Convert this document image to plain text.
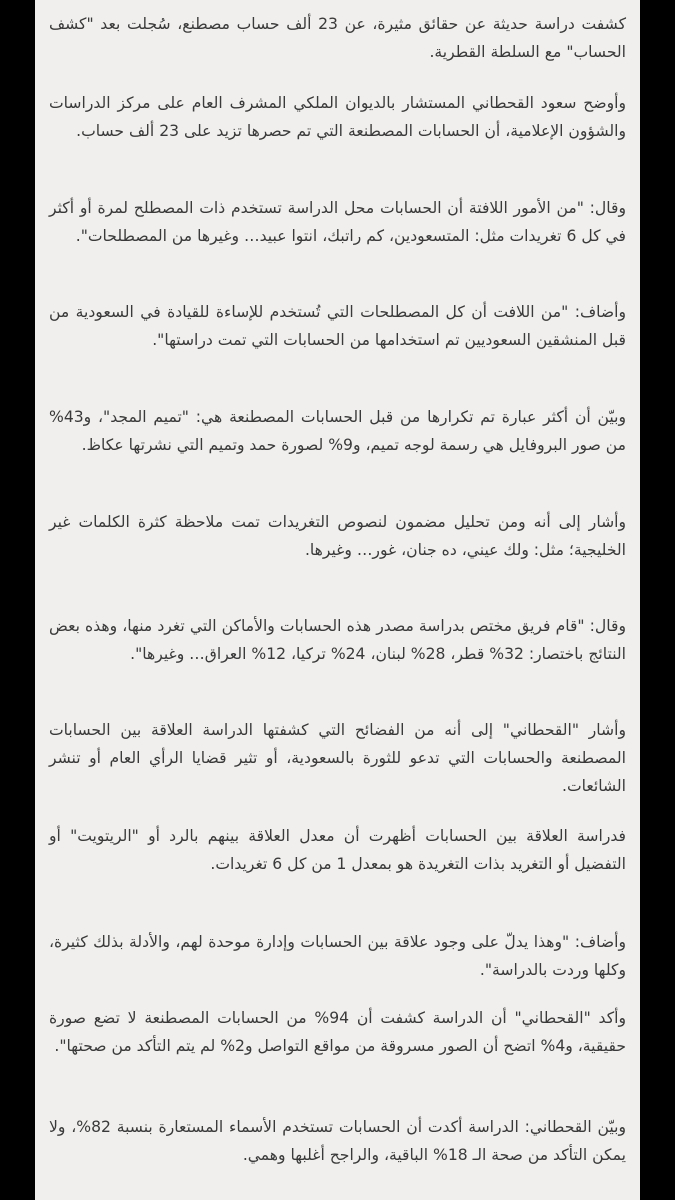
كشفت دراسة حديثة عن حقائق مثيرة، عن 23 ألف حساب مصطنع، سُجلت بعد "كشف الحساب" مع السلطة القطرية.

وأوضح سعود القحطاني المستشار بالديوان الملكي المشرف العام على مركز الدراسات والشؤون الإعلامية، أن الحسابات المصطنعة التي تم حصرها تزيد على 23 ألف حساب.

وقال: "من الأمور اللافتة أن الحسابات محل الدراسة تستخدم ذات المصطلح لمرة أو أكثر في كل 6 تغريدات مثل: المتسعودين، كم راتبك، انتوا عبيد… وغيرها من المصطلحات".

وأضاف: "من اللافت أن كل المصطلحات التي تُستخدم للإساءة للقيادة في السعودية من قبل المنشقين السعوديين تم استخدامها من الحسابات التي تمت دراستها".

وبيّن أن أكثر عبارة تم تكرارها من قبل الحسابات المصطنعة هي: "تميم المجد"، و43% من صور البروفايل هي رسمة لوجه تميم، و9% لصورة حمد وتميم التي نشرتها عكاظ.

وأشار إلى أنه ومن تحليل مضمون لنصوص التغريدات تمت ملاحظة كثرة الكلمات غير الخليجية؛ مثل: ولك عيني، ده جنان، غور… وغيرها.

وقال: "قام فريق مختص بدراسة مصدر هذه الحسابات والأماكن التي تغرد منها، وهذه بعض النتائج باختصار: 32% قطر، 28% لبنان، 24% تركيا، 12% العراق… وغيرها".

وأشار "القحطاني" إلى أنه من الفضائح التي كشفتها الدراسة العلاقة بين الحسابات المصطنعة والحسابات التي تدعو للثورة بالسعودية، أو تثير قضايا الرأي العام أو تنشر الشائعات.

فدراسة العلاقة بين الحسابات أظهرت أن معدل العلاقة بينهم بالرد أو "الريتويت" أو التفضيل أو التغريد بذات التغريدة هو بمعدل 1 من كل 6 تغريدات.

وأضاف: "وهذا يدلّ على وجود علاقة بين الحسابات وإدارة موحدة لهم، والأدلة بذلك كثيرة، وكلها وردت بالدراسة".

وأكد "القحطاني" أن الدراسة كشفت أن 94% من الحسابات المصطنعة لا تضع صورة حقيقية، و4% اتضح أن الصور مسروقة من مواقع التواصل و2% لم يتم التأكد من صحتها".

وبيّن القحطاني: الدراسة أكدت أن الحسابات تستخدم الأسماء المستعارة بنسبة 82%، ولا يمكن التأكد من صحة الـ 18% الباقية، والراجح أغلبها وهمي.
